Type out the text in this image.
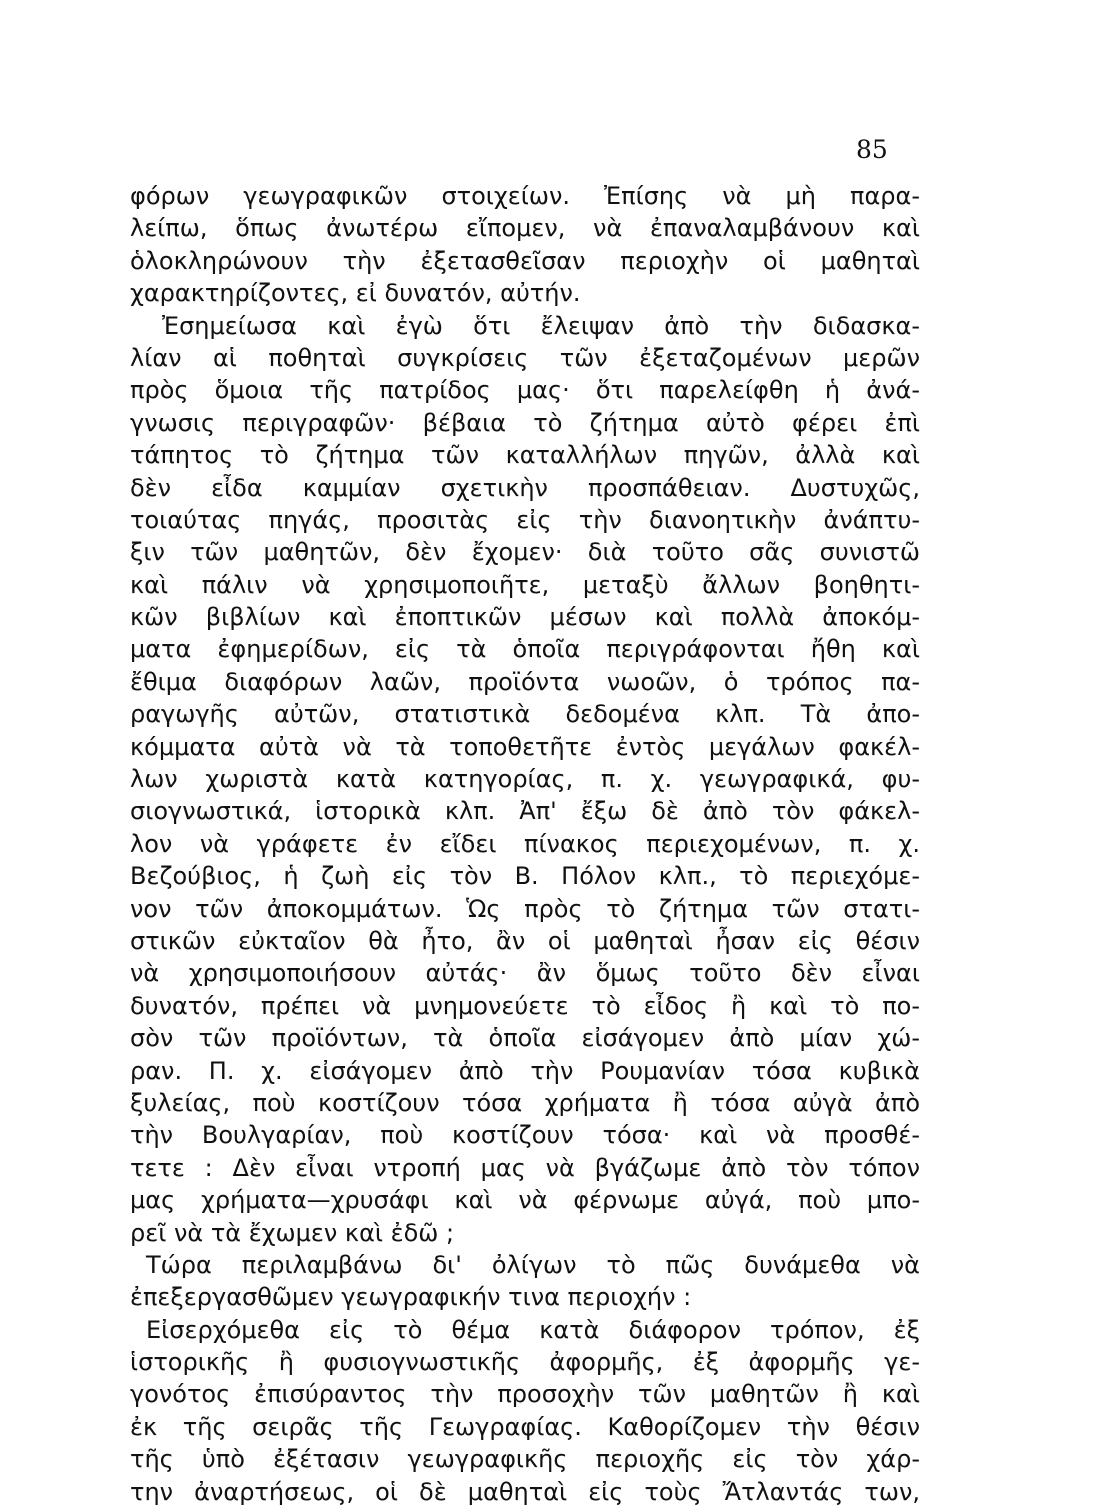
85
φόρων γεωγραφικῶν στοιχείων. Ἐπίσης νὰ μὴ παρα-
λείπω, ὅπως ἀνωτέρω εἴπομεν, νὰ ἐπαναλαμβάνουν καὶ
ὁλοκληρώνουν τὴν ἐξετασθεῖσαν περιοχὴν οἱ μαθηταὶ
χαρακτηρίζοντες, εἰ δυνατόν, αὐτήν.
Ἐσημείωσα καὶ ἐγὼ ὅτι ἔλειψαν ἀπὸ τὴν διδασκα-
λίαν αἱ ποθηταὶ συγκρίσεις τῶν ἐξεταζομένων μερῶν
πρὸς ὅμοια τῆς πατρίδος μας· ὅτι παρελείφθη ἡ ἀνά-
γνωσις περιγραφῶν· βέβαια τὸ ζήτημα αὐτὸ φέρει ἐπὶ
τάπητος τὸ ζήτημα τῶν καταλλήλων πηγῶν, ἀλλὰ καὶ
δὲν εἶδα καμμίαν σχετικὴν προσπάθειαν. Δυστυχῶς,
τοιαύτας πηγάς, προσιτὰς εἰς τὴν διανοητικὴν ἀνάπτυ-
ξιν τῶν μαθητῶν, δὲν ἔχομεν· διὰ τοῦτο σᾶς συνιστῶ
καὶ πάλιν νὰ χρησιμοποιῆτε, μεταξὺ ἄλλων βοηθητι-
κῶν βιβλίων καὶ ἐποπτικῶν μέσων καὶ πολλὰ ἀποκόμ-
ματα ἐφημερίδων, εἰς τὰ ὁποῖα περιγράφονται ἤθη καὶ
ἔθιμα διαφόρων λαῶν, προϊόντα νωοῶν, ὁ τρόπος πα-
ραγωγῆς αὐτῶν, στατιστικὰ δεδομένα κλπ. Τὰ ἀπο-
κόμματα αὐτὰ νὰ τὰ τοποθετῆτε ἐντὸς μεγάλων φακέλ-
λων χωριστὰ κατὰ κατηγορίας, π. χ. γεωγραφικά, φυ-
σιογνωστικά, ἱστορικὰ κλπ. Ἀπ' ἔξω δὲ ἀπὸ τὸν φάκελ-
λον νὰ γράφετε ἐν εἴδει πίνακος περιεχομένων, π. χ.
Βεζούβιος, ἡ ζωὴ εἰς τὸν Β. Πόλον κλπ., τὸ περιεχόμε-
νον τῶν ἀποκομμάτων. Ὡς πρὸς τὸ ζήτημα τῶν στατι-
στικῶν εὐκταῖον θὰ ἦτο, ἂν οἱ μαθηταὶ ἦσαν εἰς θέσιν
νὰ χρησιμοποιήσουν αὐτάς· ἂν ὅμως τοῦτο δὲν εἶναι
δυνατόν, πρέπει νὰ μνημονεύετε τὸ εἶδος ἢ καὶ τὸ πο-
σὸν τῶν προϊόντων, τὰ ὁποῖα εἰσάγομεν ἀπὸ μίαν χώ-
ραν. Π. χ. εἰσάγομεν ἀπὸ τὴν Ρουμανίαν τόσα κυβικὰ
ξυλείας, ποὺ κοστίζουν τόσα χρήματα ἢ τόσα αὐγὰ ἀπὸ
τὴν Βουλγαρίαν, ποὺ κοστίζουν τόσα· καὶ νὰ προσθέ-
τετε : Δὲν εἶναι ντροπή μας νὰ βγάζωμε ἀπὸ τὸν τόπον
μας χρήματα—χρυσάφι καὶ νὰ φέρνωμε αὐγά, ποὺ μπο-
ρεῖ νὰ τὰ ἔχωμεν καὶ ἐδῶ ;
Τώρα περιλαμβάνω δι' ὀλίγων τὸ πῶς δυνάμεθα νὰ
ἐπεξεργασθῶμεν γεωγραφικήν τινα περιοχήν :
Εἰσερχόμεθα εἰς τὸ θέμα κατὰ διάφορον τρόπον, ἐξ
ἱστορικῆς ἢ φυσιογνωστικῆς ἀφορμῆς, ἐξ ἀφορμῆς γε-
γονότος ἐπισύραντος τὴν προσοχὴν τῶν μαθητῶν ἢ καὶ
ἐκ τῆς σειρᾶς τῆς Γεωγραφίας. Καθορίζομεν τὴν θέσιν
τῆς ὑπὸ ἐξέτασιν γεωγραφικῆς περιοχῆς εἰς τὸν χάρ-
την ἀναρτήσεως, οἱ δὲ μαθηταὶ εἰς τοὺς Ἄτλαντάς των,
